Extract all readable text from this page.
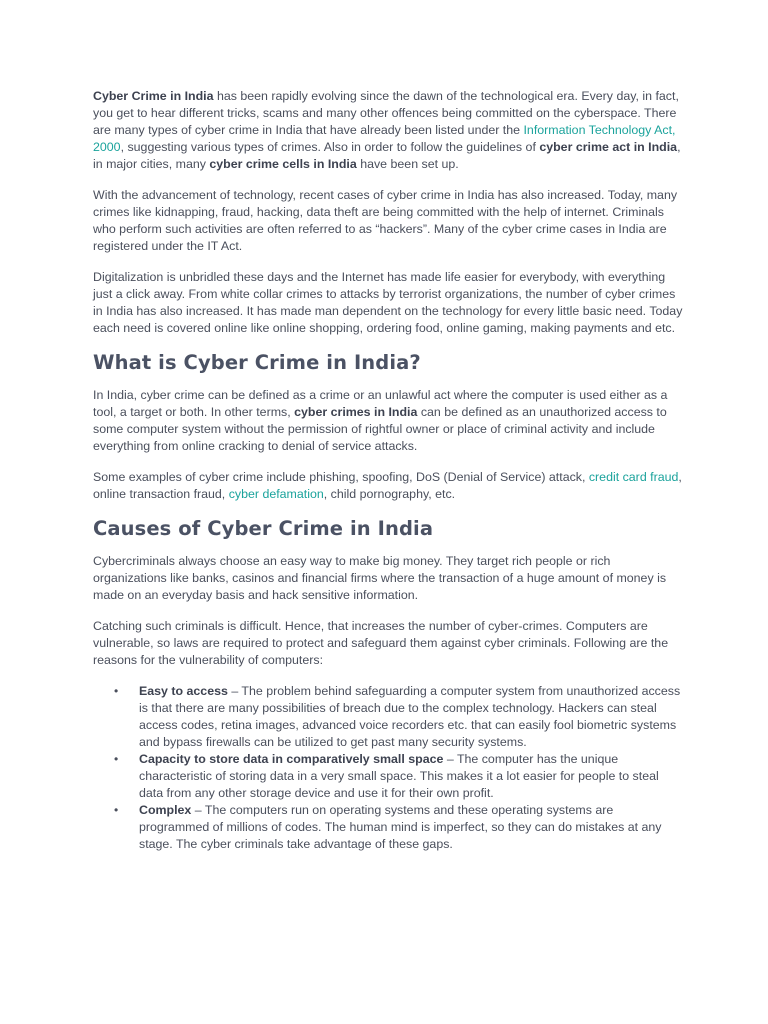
Cyber Crime in India has been rapidly evolving since the dawn of the technological era. Every day, in fact, you get to hear different tricks, scams and many other offences being committed on the cyberspace. There are many types of cyber crime in India that have already been listed under the Information Technology Act, 2000, suggesting various types of crimes. Also in order to follow the guidelines of cyber crime act in India, in major cities, many cyber crime cells in India have been set up.

With the advancement of technology, recent cases of cyber crime in India has also increased. Today, many crimes like kidnapping, fraud, hacking, data theft are being committed with the help of internet. Criminals who perform such activities are often referred to as “hackers”. Many of the cyber crime cases in India are registered under the IT Act.

Digitalization is unbridled these days and the Internet has made life easier for everybody, with everything just a click away. From white collar crimes to attacks by terrorist organizations, the number of cyber crimes in India has also increased. It has made man dependent on the technology for every little basic need. Today each need is covered online like online shopping, ordering food, online gaming, making payments and etc.

What is Cyber Crime in India?

In India, cyber crime can be defined as a crime or an unlawful act where the computer is used either as a tool, a target or both. In other terms, cyber crimes in India can be defined as an unauthorized access to some computer system without the permission of rightful owner or place of criminal activity and include everything from online cracking to denial of service attacks.

Some examples of cyber crime include phishing, spoofing, DoS (Denial of Service) attack, credit card fraud, online transaction fraud, cyber defamation, child pornography, etc.

Causes of Cyber Crime in India

Cybercriminals always choose an easy way to make big money. They target rich people or rich organizations like banks, casinos and financial firms where the transaction of a huge amount of money is made on an everyday basis and hack sensitive information.

Catching such criminals is difficult. Hence, that increases the number of cyber-crimes. Computers are vulnerable, so laws are required to protect and safeguard them against cyber criminals. Following are the reasons for the vulnerability of computers:

• Easy to access – The problem behind safeguarding a computer system from unauthorized access is that there are many possibilities of breach due to the complex technology. Hackers can steal access codes, retina images, advanced voice recorders etc. that can easily fool biometric systems and bypass firewalls can be utilized to get past many security systems.
• Capacity to store data in comparatively small space – The computer has the unique characteristic of storing data in a very small space. This makes it a lot easier for people to steal data from any other storage device and use it for their own profit.
• Complex – The computers run on operating systems and these operating systems are programmed of millions of codes. The human mind is imperfect, so they can do mistakes at any stage. The cyber criminals take advantage of these gaps.
